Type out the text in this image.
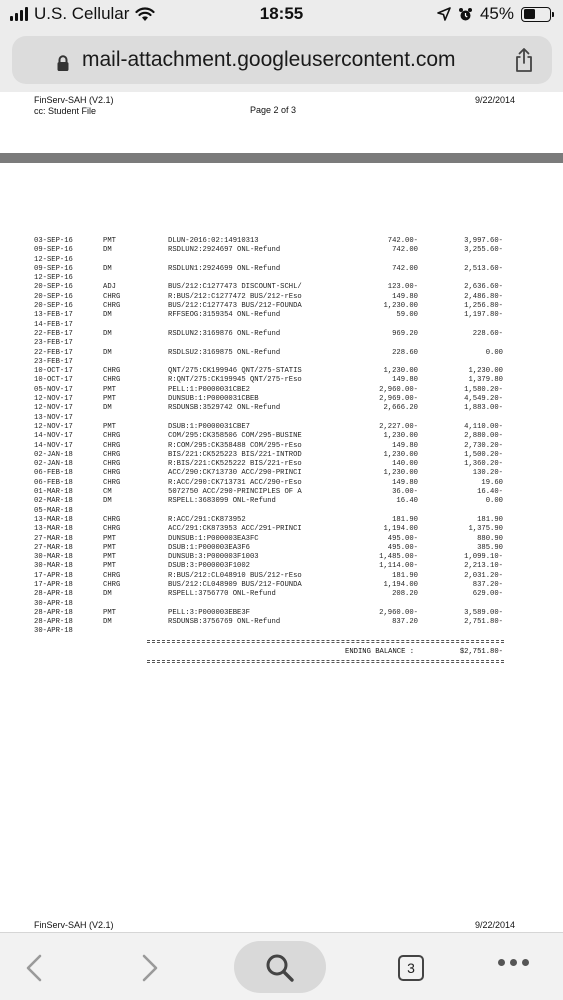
U.S. Cellular	18:55	45%
mail-attachment.googleusercontent.com
FinServ-SAH (V2.1)
cc: Student File	Page 2 of 3
9/22/2014
03-SEP-16	PMT	DLUN-2016:02:14910313	742.00-	3,997.60-
09-SEP-16	DM	RSDLUN2:2924697 ONL-Refund	742.00	3,255.60-
12-SEP-16
09-SEP-16	DM	RSDLUN1:2924699 ONL-Refund	742.00	2,513.60-
12-SEP-16
20-SEP-16	ADJ	BUS/212:C1277473 DISCOUNT-SCHL/	123.00-	2,636.60-
20-SEP-16	CHRG	R:BUS/212:C1277472 BUS/212-rEso	149.80	2,486.80-
20-SEP-16	CHRG	BUS/212:C1277473 BUS/212-FOUNDA	1,230.00	1,256.80-
13-FEB-17	DM	RFFSEOG:3159354 ONL-Refund	59.00	1,197.80-
14-FEB-17
22-FEB-17	DM	RSDLUN2:3169876 ONL-Refund	969.20	228.60-
23-FEB-17
22-FEB-17	DM	RSDLSU2:3169875 ONL-Refund	228.60	0.00
23-FEB-17
10-OCT-17	CHRG	QNT/275:CK199946 QNT/275-STATIS	1,230.00	1,230.00
10-OCT-17	CHRG	R:QNT/275:CK199945 QNT/275-rEso	149.80	1,379.80
05-NOV-17	PMT	PELL:1:P0000031CBE2	2,960.00-	1,580.20-
12-NOV-17	PMT	DUNSUB:1:P0000031CBEB	2,969.00-	4,549.20-
12-NOV-17	DM	RSDUNSB:3529742 ONL-Refund	2,666.20	1,883.00-
13-NOV-17
12-NOV-17	PMT	DSUB:1:P0000031CBE7	2,227.00-	4,110.00-
14-NOV-17	CHRG	COM/295:CK358506 COM/295-BUSINE	1,230.00	2,880.00-
14-NOV-17	CHRG	R:COM/295:CK358488 COM/295-rEso	149.80	2,730.20-
02-JAN-18	CHRG	BIS/221:CK525223 BIS/221-INTROD	1,230.00	1,500.20-
02-JAN-18	CHRG	R:BIS/221:CK525222 BIS/221-rEso	140.00	1,360.20-
06-FEB-18	CHRG	ACC/290:CK713730 ACC/290-PRINCI	1,230.00	130.20-
06-FEB-18	CHRG	R:ACC/290:CK713731 ACC/290-rEso	149.80	19.60
01-MAR-18	CM	5072750 ACC/290-PRINCIPLES OF A	36.00-	16.40-
02-MAR-18	DM	RSPELL:3683099 ONL-Refund	16.40	0.00
05-MAR-18
13-MAR-18	CHRG	R:ACC/291:CK873952	181.90	181.90
13-MAR-18	CHRG	ACC/291:CK873953 ACC/291-PRINCI	1,194.00	1,375.90
27-MAR-18	PMT	DUNSUB:1:P000003EA3FC	495.00-	880.90
27-MAR-18	PMT	DSUB:1:P000003EA3F6	495.00-	385.90
30-MAR-18	PMT	DUNSUB:3:P000003F1003	1,485.00-	1,099.10-
30-MAR-18	PMT	DSUB:3:P000003F1002	1,114.00-	2,213.10-
17-APR-18	CHRG	R:BUS/212:CL048910 BUS/212-rEso	181.90	2,031.20-
17-APR-18	CHRG	BUS/212:CL048909 BUS/212-FOUNDA	1,194.00	837.20-
28-APR-18	DM	RSPELL:3756770 ONL-Refund	208.20	629.00-
30-APR-18
28-APR-18	PMT	PELL:3:P000003EBE3F	2,960.00-	3,589.00-
28-APR-18	DM	RSDUNSB:3756769 ONL-Refund	837.20	2,751.80-
30-APR-18
ENDING BALANCE :	$2,751.80-
FinServ-SAH (V2.1)	9/22/2014
3
